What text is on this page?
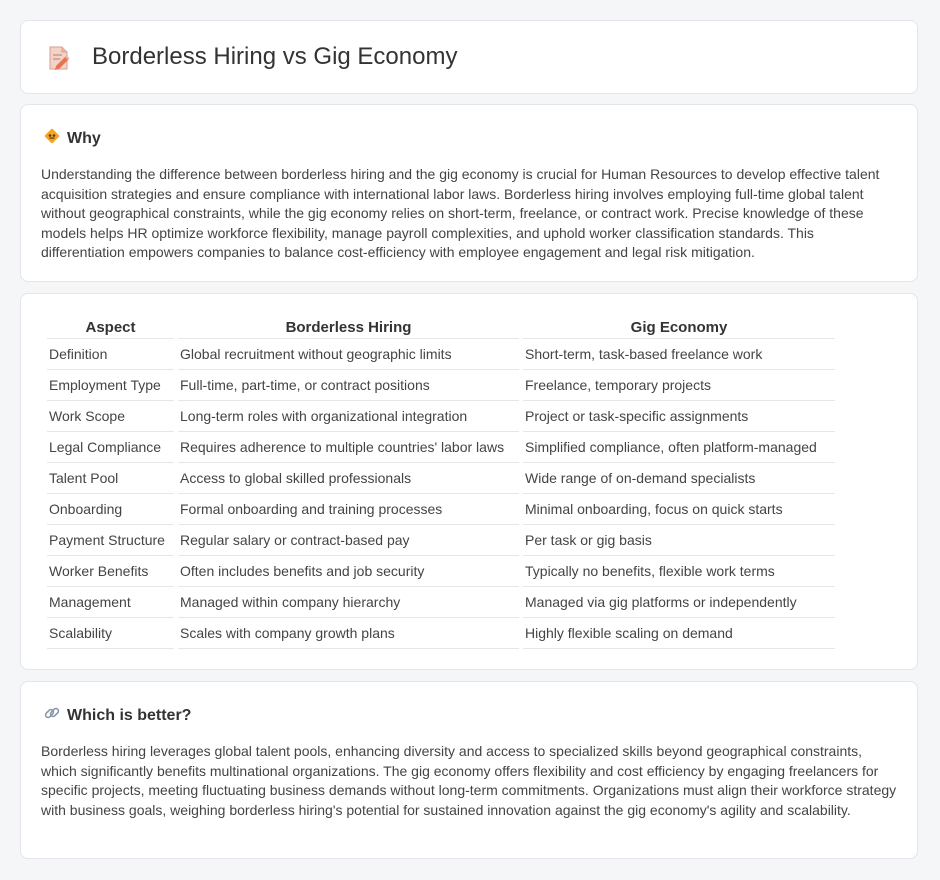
Borderless Hiring vs Gig Economy
Why

Understanding the difference between borderless hiring and the gig economy is crucial for Human Resources to develop effective talent acquisition strategies and ensure compliance with international labor laws. Borderless hiring involves employing full-time global talent without geographical constraints, while the gig economy relies on short-term, freelance, or contract work. Precise knowledge of these models helps HR optimize workforce flexibility, manage payroll complexities, and uphold worker classification standards. This differentiation empowers companies to balance cost-efficiency with employee engagement and legal risk mitigation.

Aspect	Borderless Hiring	Gig Economy
Definition	Global recruitment without geographic limits	Short-term, task-based freelance work
Employment Type	Full-time, part-time, or contract positions	Freelance, temporary projects
Work Scope	Long-term roles with organizational integration	Project or task-specific assignments
Legal Compliance	Requires adherence to multiple countries' labor laws	Simplified compliance, often platform-managed
Talent Pool	Access to global skilled professionals	Wide range of on-demand specialists
Onboarding	Formal onboarding and training processes	Minimal onboarding, focus on quick starts
Payment Structure	Regular salary or contract-based pay	Per task or gig basis
Worker Benefits	Often includes benefits and job security	Typically no benefits, flexible work terms
Management	Managed within company hierarchy	Managed via gig platforms or independently
Scalability	Scales with company growth plans	Highly flexible scaling on demand
Which is better?

Borderless hiring leverages global talent pools, enhancing diversity and access to specialized skills beyond geographical constraints, which significantly benefits multinational organizations. The gig economy offers flexibility and cost efficiency by engaging freelancers for specific projects, meeting fluctuating business demands without long-term commitments. Organizations must align their workforce strategy with business goals, weighing borderless hiring's potential for sustained innovation against the gig economy's agility and scalability.
